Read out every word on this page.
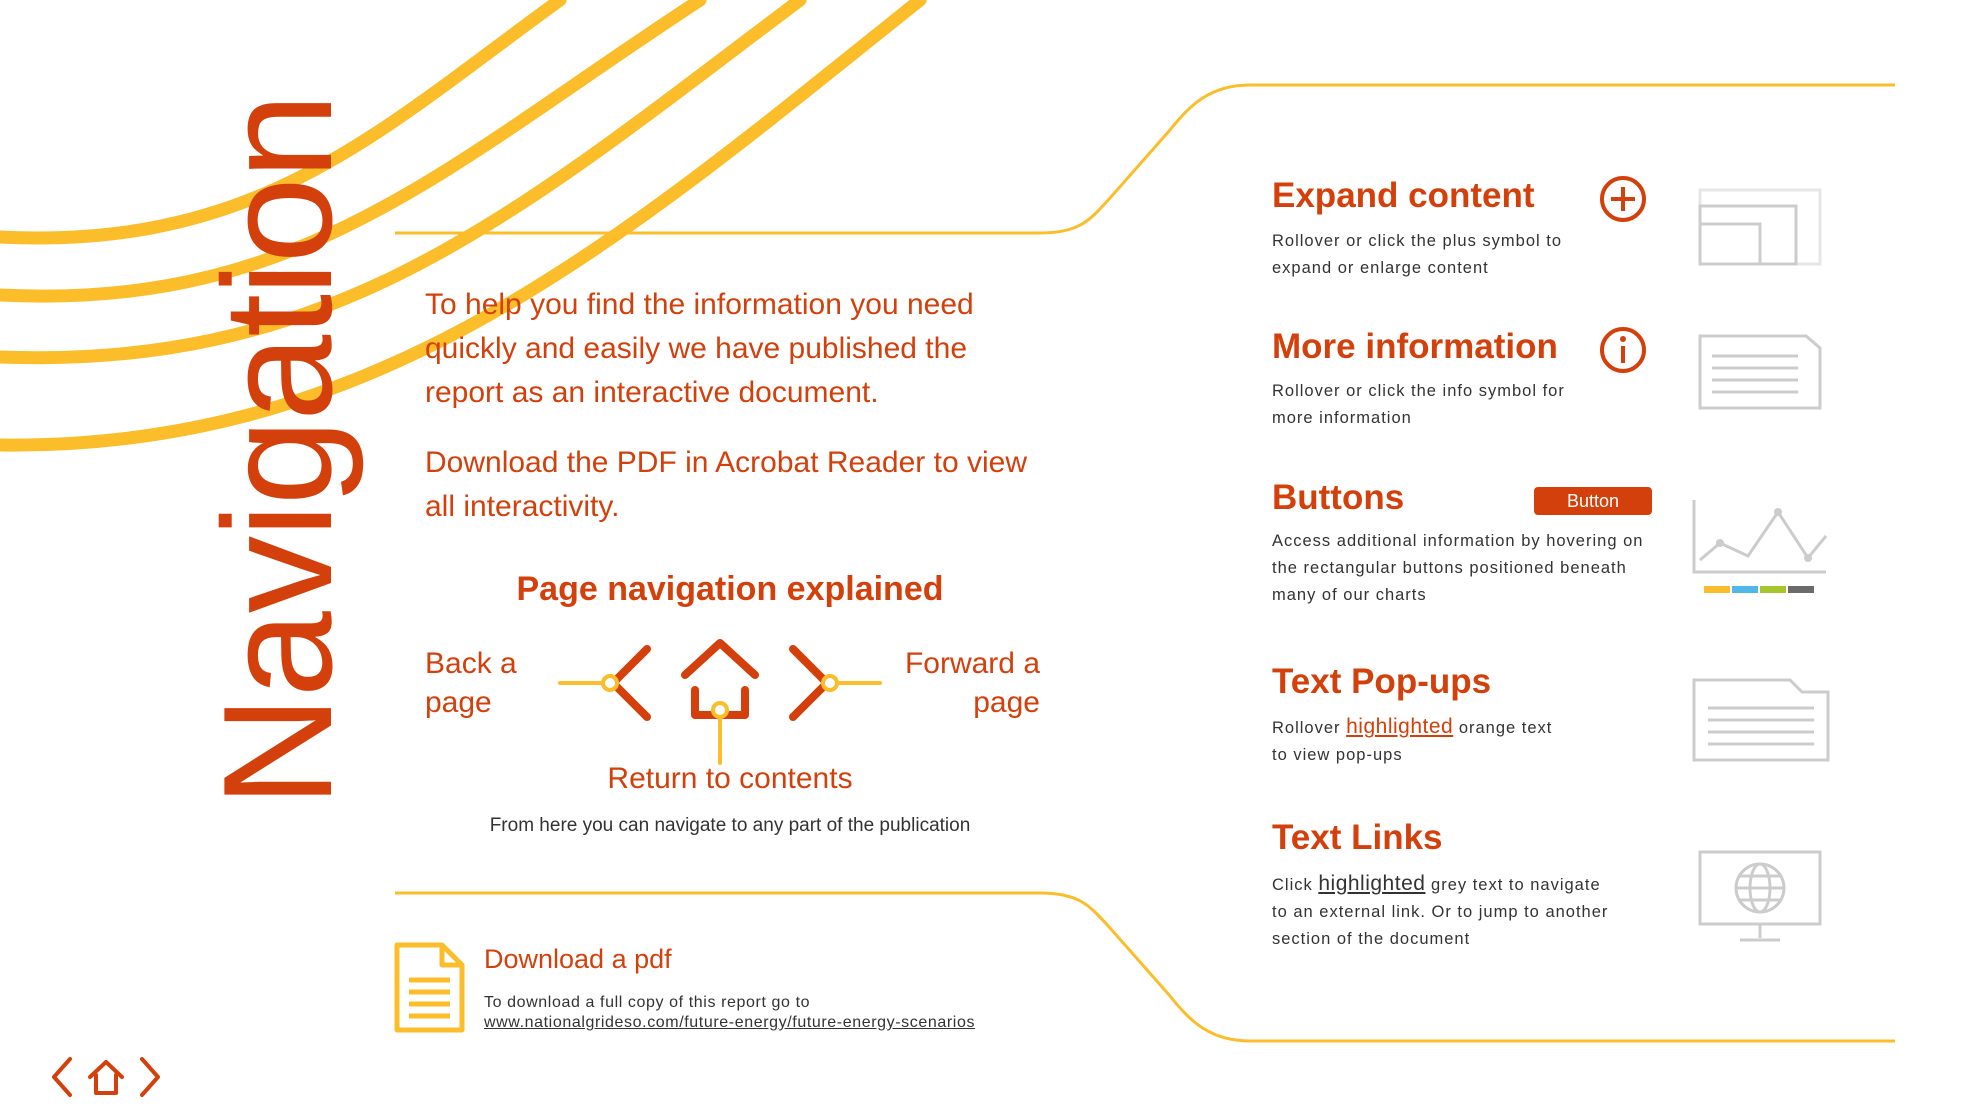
Navigation To help you find the information you need quickly and easily we have published the report as an interactive document.

Download the PDF in Acrobat Reader to view all interactivity.

Page navigation explained
Back a page
Forward a page
Return to contents
From here you can navigate to any part of the publication
Download a pdf
To download a full copy of this report go to
www.nationalgrideso.com/future-energy/future-energy-scenarios
Expand content
Rollover or click the plus symbol to expand or enlarge content
More information
Rollover or click the info symbol for more information
Buttons	Button
Access additional information by hovering on the rectangular buttons positioned beneath many of our charts
Text Pop-ups
Rollover highlighted orange text
to view pop-ups
Text Links
Click highlighted grey text to navigate
to an external link. Or to jump to another section of the document
